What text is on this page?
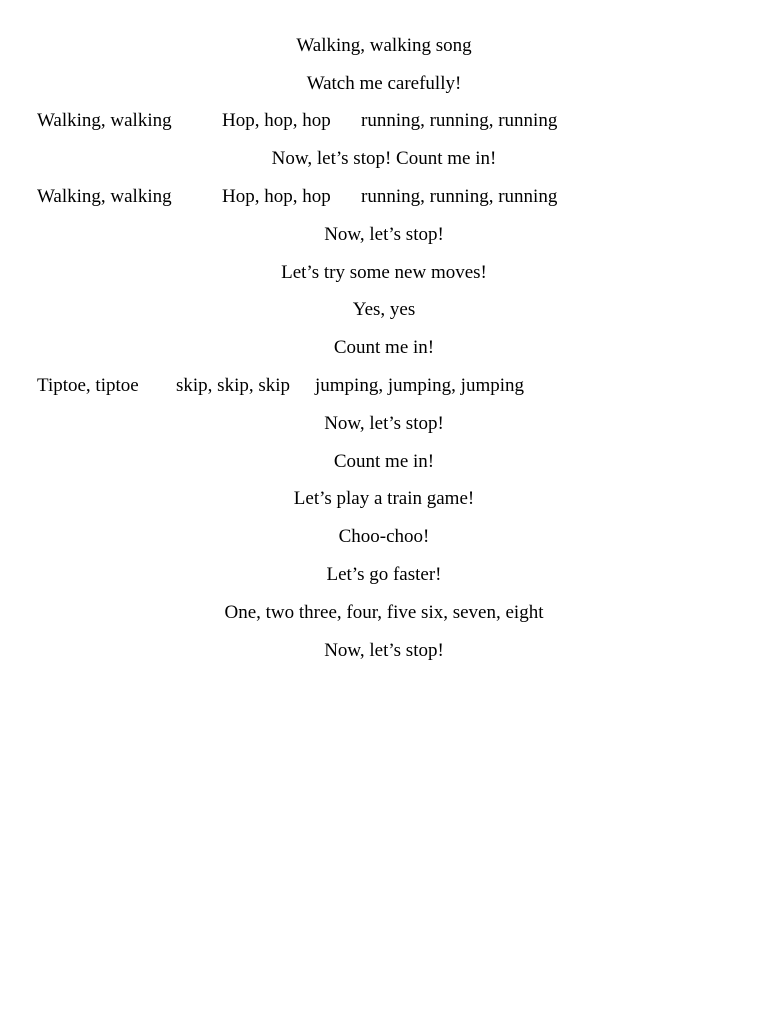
Walking, walking song
Watch me carefully!
Walking, walking	Hop, hop, hop running, running, running
Now, let’s stop! Count me in!
Walking, walking	Hop, hop, hop running, running, running
Now, let’s stop!
Let’s try some new moves!
Yes, yes
Count me in!
Tiptoe, tiptoe skip, skip, skip jumping, jumping, jumping
Now, let’s stop!
Count me in!
Let’s play a train game!
Choo-choo!
Let’s go faster!
One, two three, four, five six, seven, eight
Now, let’s stop!
